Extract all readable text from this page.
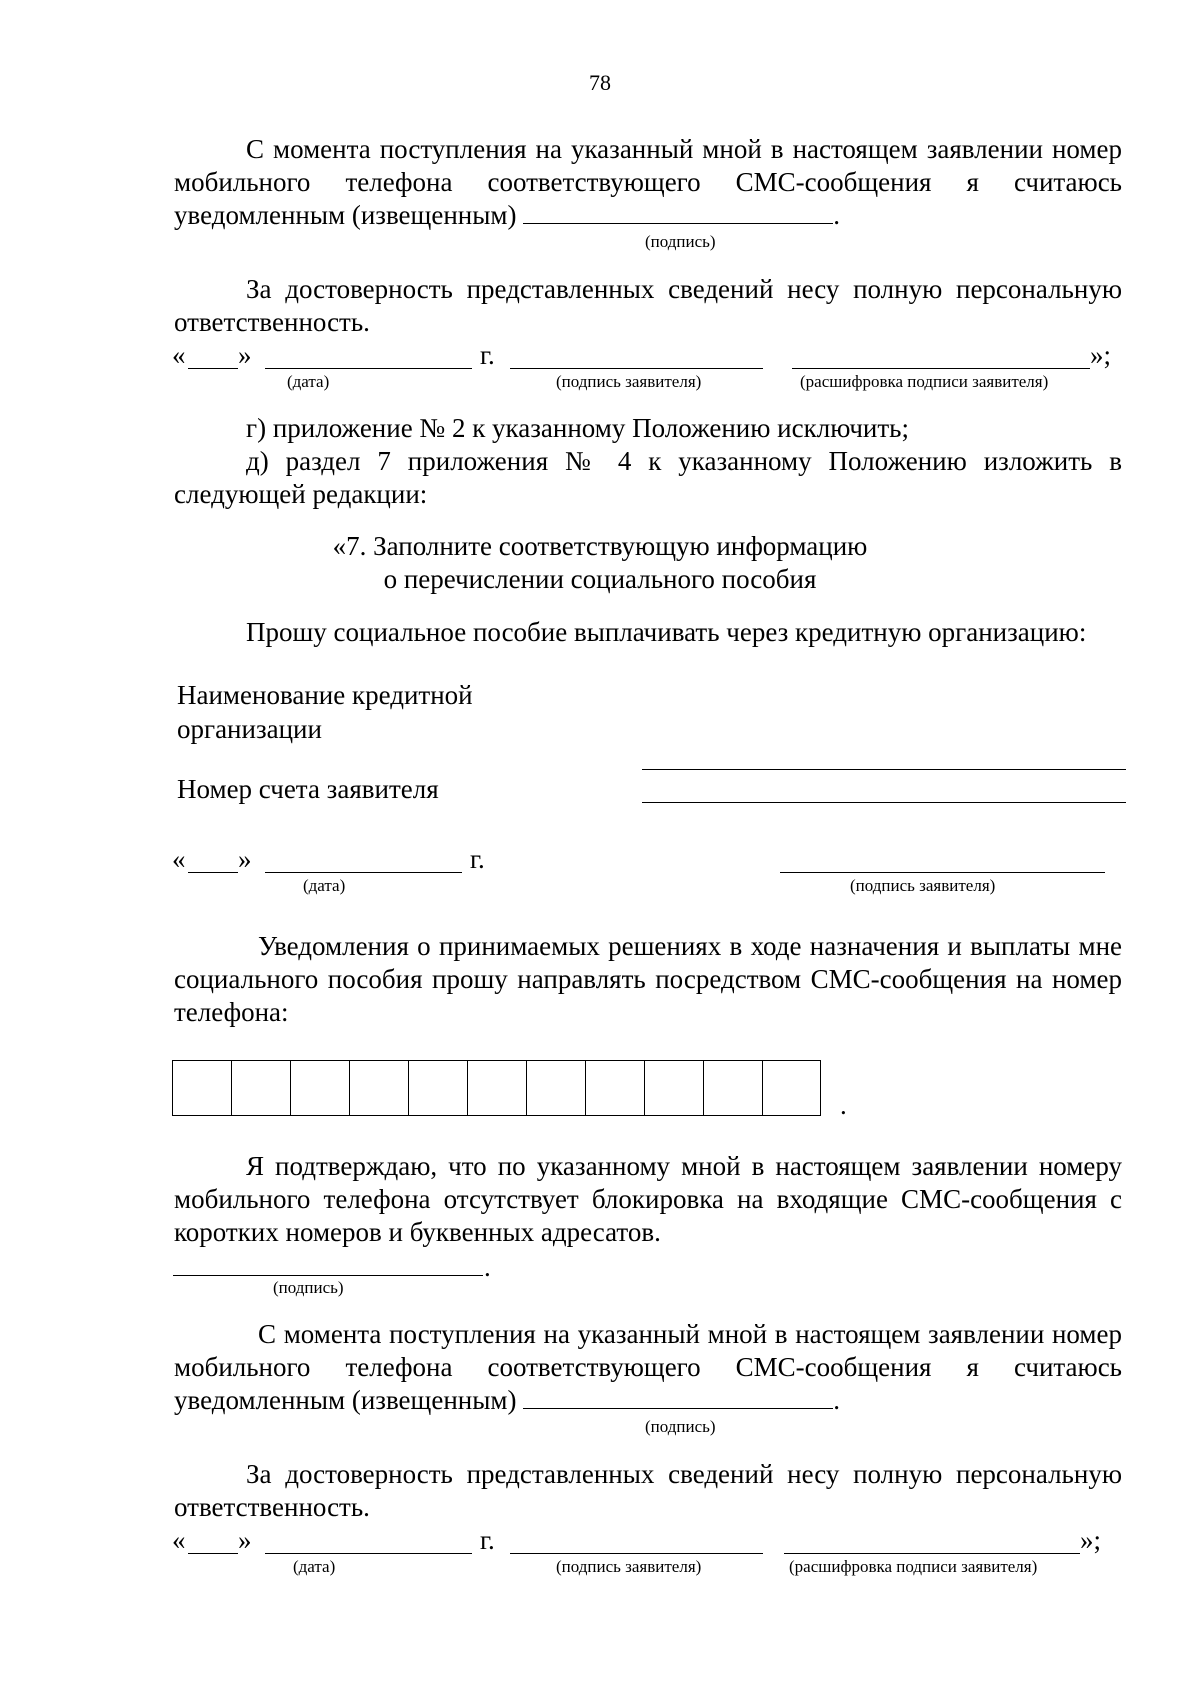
78
С момента поступления на указанный мной в настоящем заявлении номер мобильного телефона соответствующего СМС-сообщения я считаюсь уведомленным (извещенным)	.
(подпись)
За достоверность представленных сведений несу полную персональную ответственность.
« »	г.	»;
(дата)	(подпись заявителя)	(расшифровка подписи заявителя)
г) приложение № 2 к указанному Положению исключить;
д) раздел 7 приложения № 4 к указанному Положению изложить в следующей редакции:
«7. Заполните соответствующую информацию
о перечислении социального пособия
Прошу социальное пособие выплачивать через кредитную организацию:
Наименование кредитной организации
Номер счета заявителя
« »	г.
(дата)	(подпись заявителя)
Уведомления о принимаемых решениях в ходе назначения и выплаты мне социального пособия прошу направлять посредством СМС-сообщения на номер телефона:
.
Я подтверждаю, что по указанному мной в настоящем заявлении номеру мобильного телефона отсутствует блокировка на входящие СМС-сообщения с коротких номеров и буквенных адресатов.
.
(подпись)
С момента поступления на указанный мной в настоящем заявлении номер мобильного телефона соответствующего СМС-сообщения я считаюсь уведомленным (извещенным)	.
(подпись)
За достоверность представленных сведений несу полную персональную ответственность.
« »	г.	»;
(дата)	(подпись заявителя)	(расшифровка подписи заявителя)
